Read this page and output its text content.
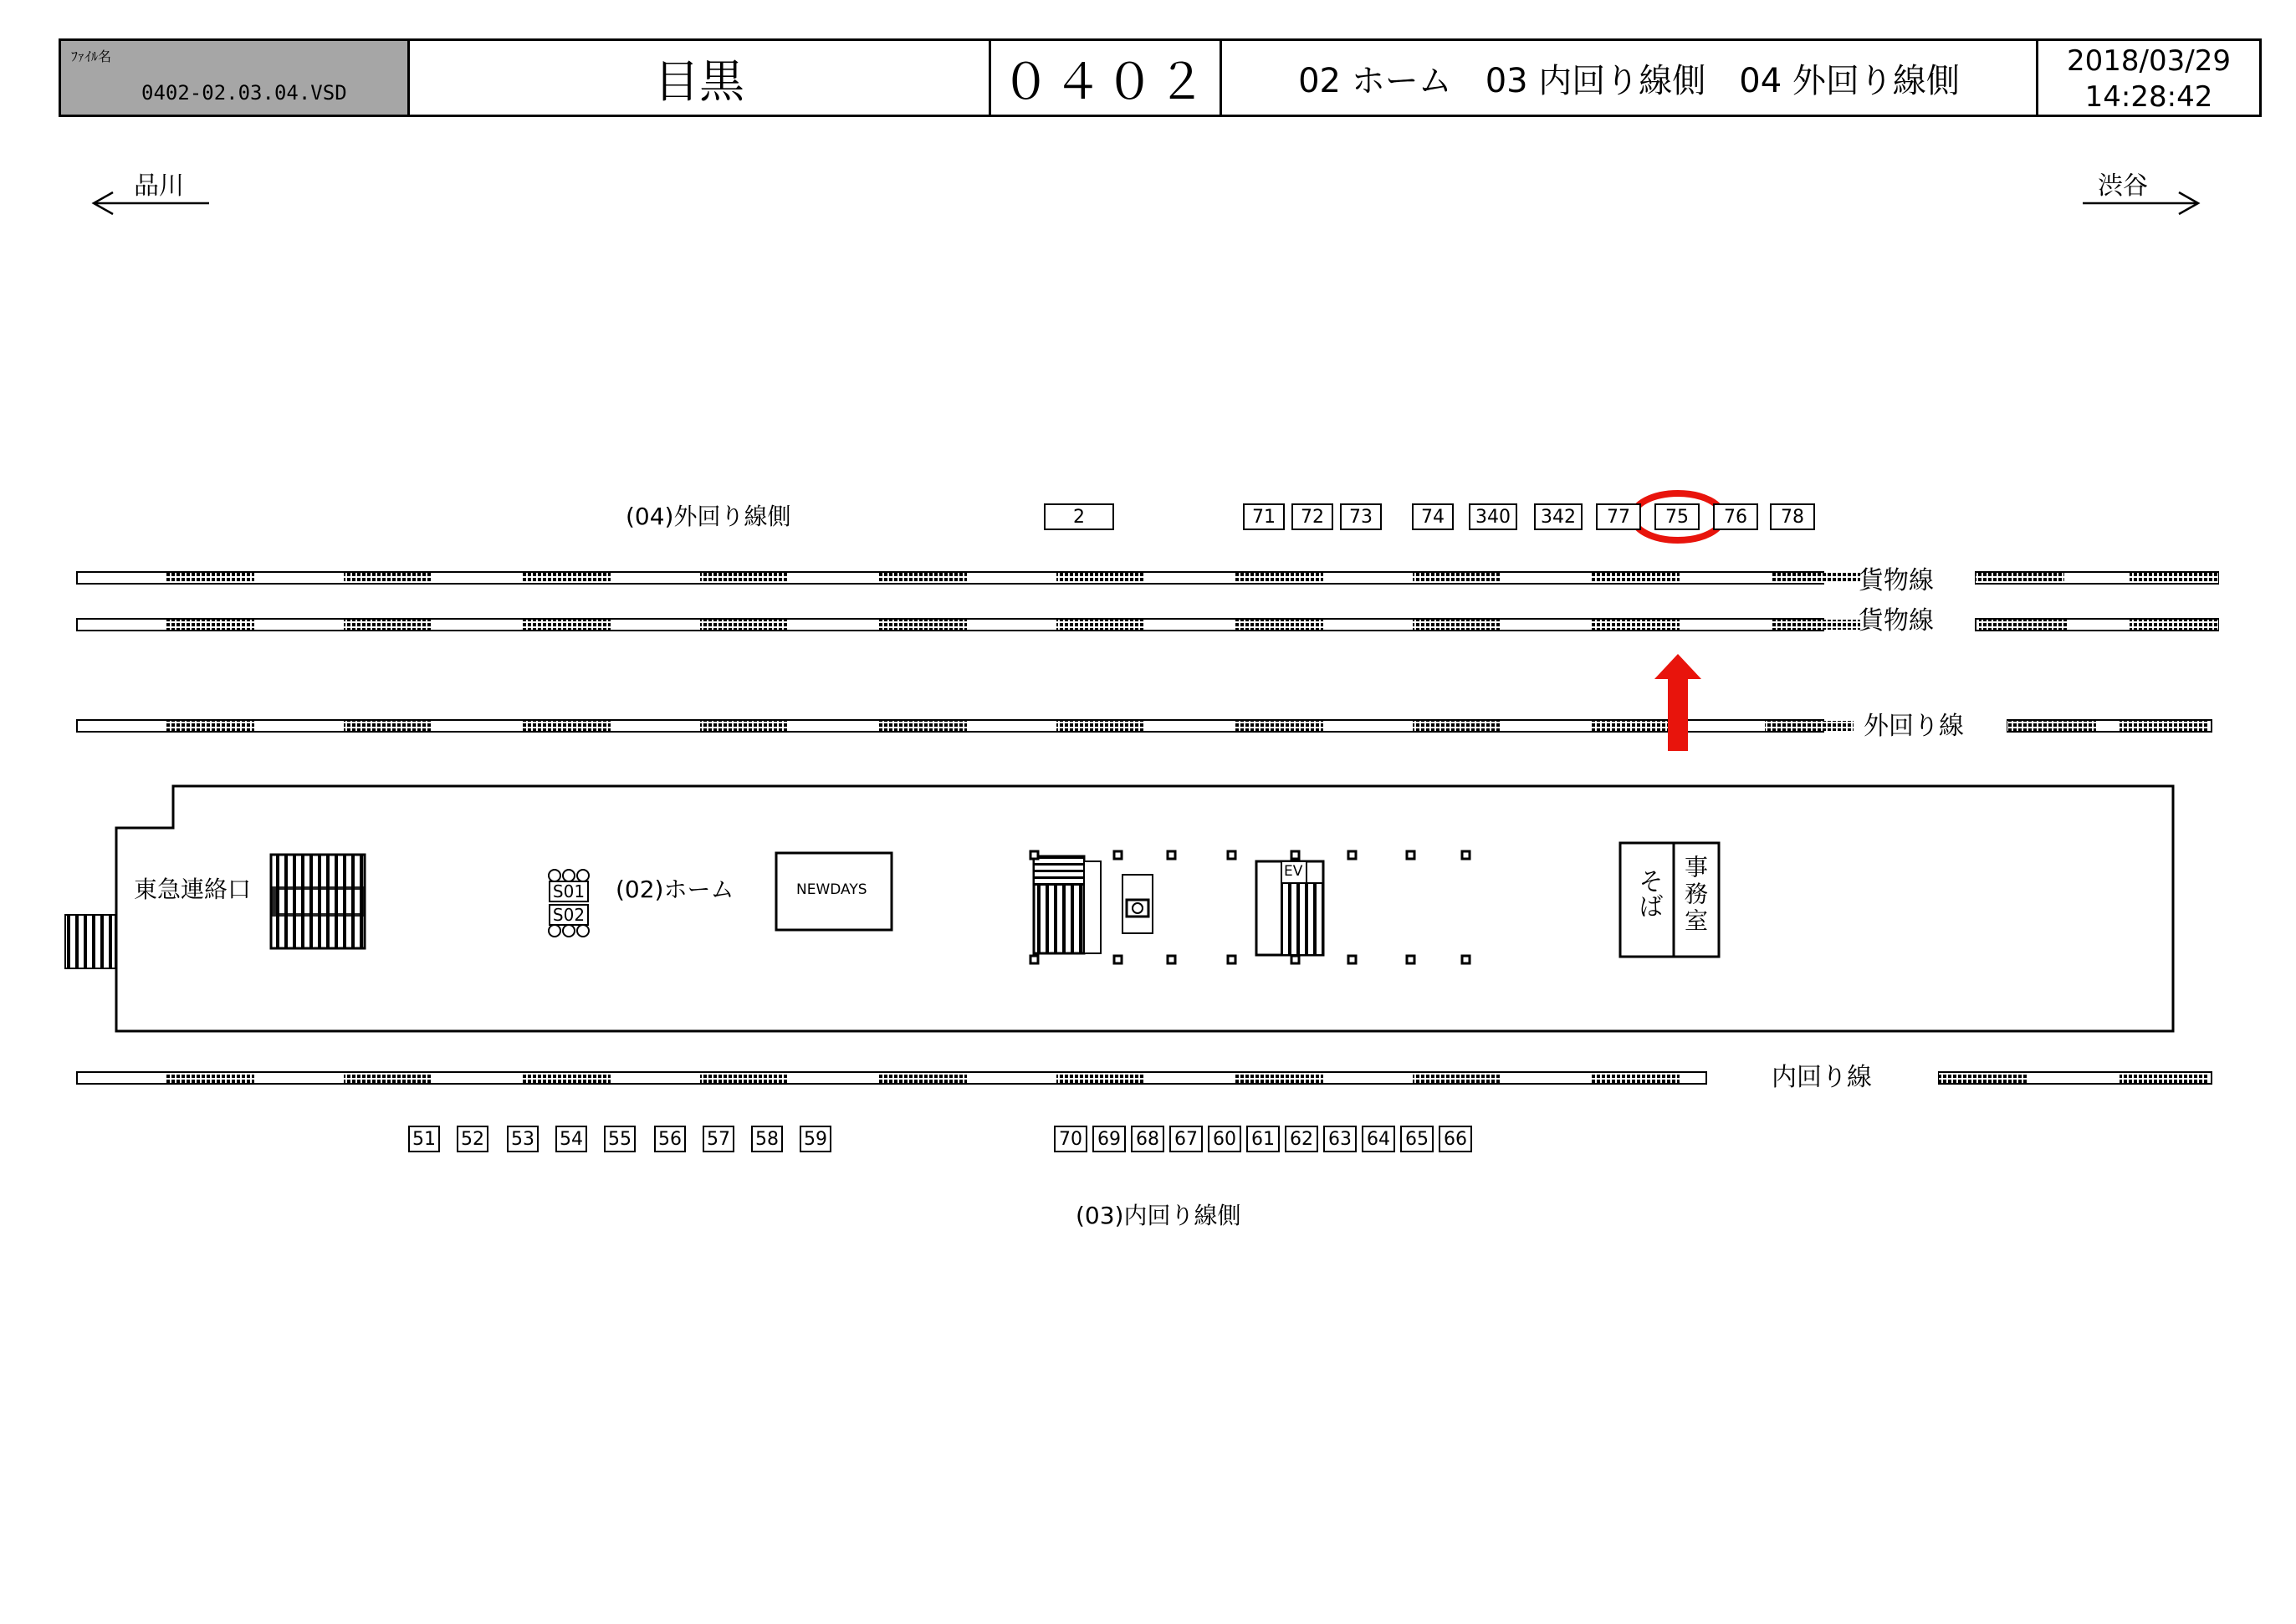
ﾌｧｲﾙ名
0402-02.03.04.VSD	目黒	０４０２	02 ホーム　03 内回り線側　04 外回り線側
2018/03/29
14:28:42
品川	渋谷
(04)外回り線側
(03)内回り線側
貨物線
貨物線
外回り線
内回り線
東急連絡口	(02)ホーム	NEWDAYS
EV	そば 事務室
S01
S02
2	71	72	73	74	340	342	77	75	76	78
51 52 53 54 55 56 57 58 59	70 69 68 67 60 61 62 63 64 65 66
